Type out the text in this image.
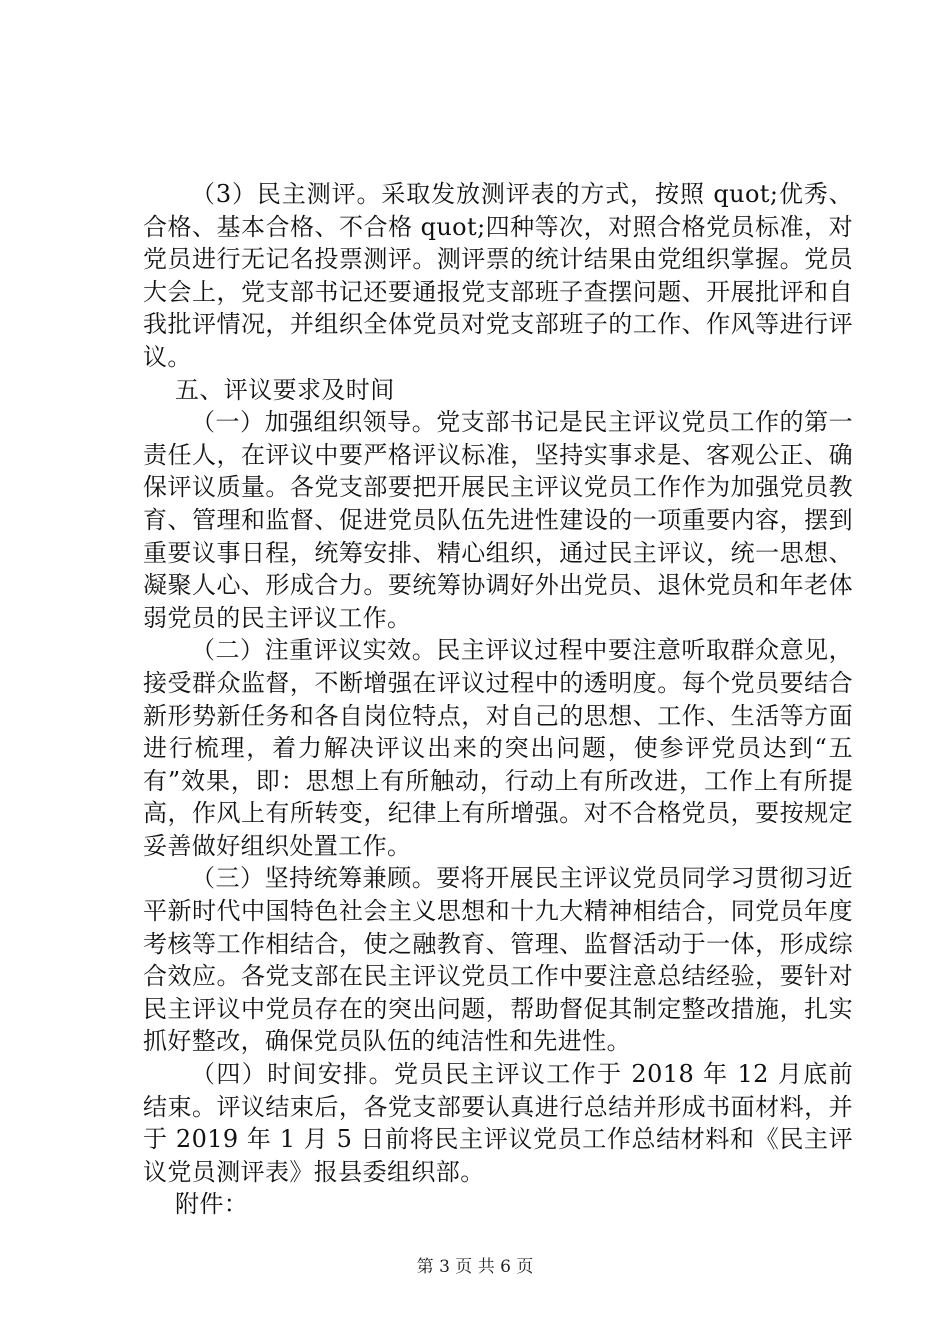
（3）民主测评。采取发放测评表的方式，按照 quot;优秀、合格、基本合格、不合格 quot;四种等次，对照合格党员标准，对党员进行无记名投票测评。测评票的统计结果由党组织掌握。党员大会上，党支部书记还要通报党支部班子查摆问题、开展批评和自我批评情况，并组织全体党员对党支部班子的工作、作风等进行评议。

五、评议要求及时间

（一）加强组织领导。党支部书记是民主评议党员工作的第一责任人，在评议中要严格评议标准，坚持实事求是、客观公正、确保评议质量。各党支部要把开展民主评议党员工作作为加强党员教育、管理和监督、促进党员队伍先进性建设的一项重要内容，摆到重要议事日程，统筹安排、精心组织，通过民主评议，统一思想、凝聚人心、形成合力。要统筹协调好外出党员、退休党员和年老体弱党员的民主评议工作。

（二）注重评议实效。民主评议过程中要注意听取群众意见，接受群众监督，不断增强在评议过程中的透明度。每个党员要结合新形势新任务和各自岗位特点，对自己的思想、工作、生活等方面进行梳理，着力解决评议出来的突出问题，使参评党员达到“五有”效果，即：思想上有所触动，行动上有所改进，工作上有所提高，作风上有所转变，纪律上有所增强。对不合格党员，要按规定妥善做好组织处置工作。

（三）坚持统筹兼顾。要将开展民主评议党员同学习贯彻习近平新时代中国特色社会主义思想和十九大精神相结合，同党员年度考核等工作相结合，使之融教育、管理、监督活动于一体，形成综合效应。各党支部在民主评议党员工作中要注意总结经验，要针对民主评议中党员存在的突出问题，帮助督促其制定整改措施，扎实抓好整改，确保党员队伍的纯洁性和先进性。

（四）时间安排。党员民主评议工作于 2018 年 12 月底前结束。评议结束后，各党支部要认真进行总结并形成书面材料，并于 2019 年 1 月 5 日前将民主评议党员工作总结材料和《民主评议党员测评表》报县委组织部。

附件：

第 3 页 共 6 页
